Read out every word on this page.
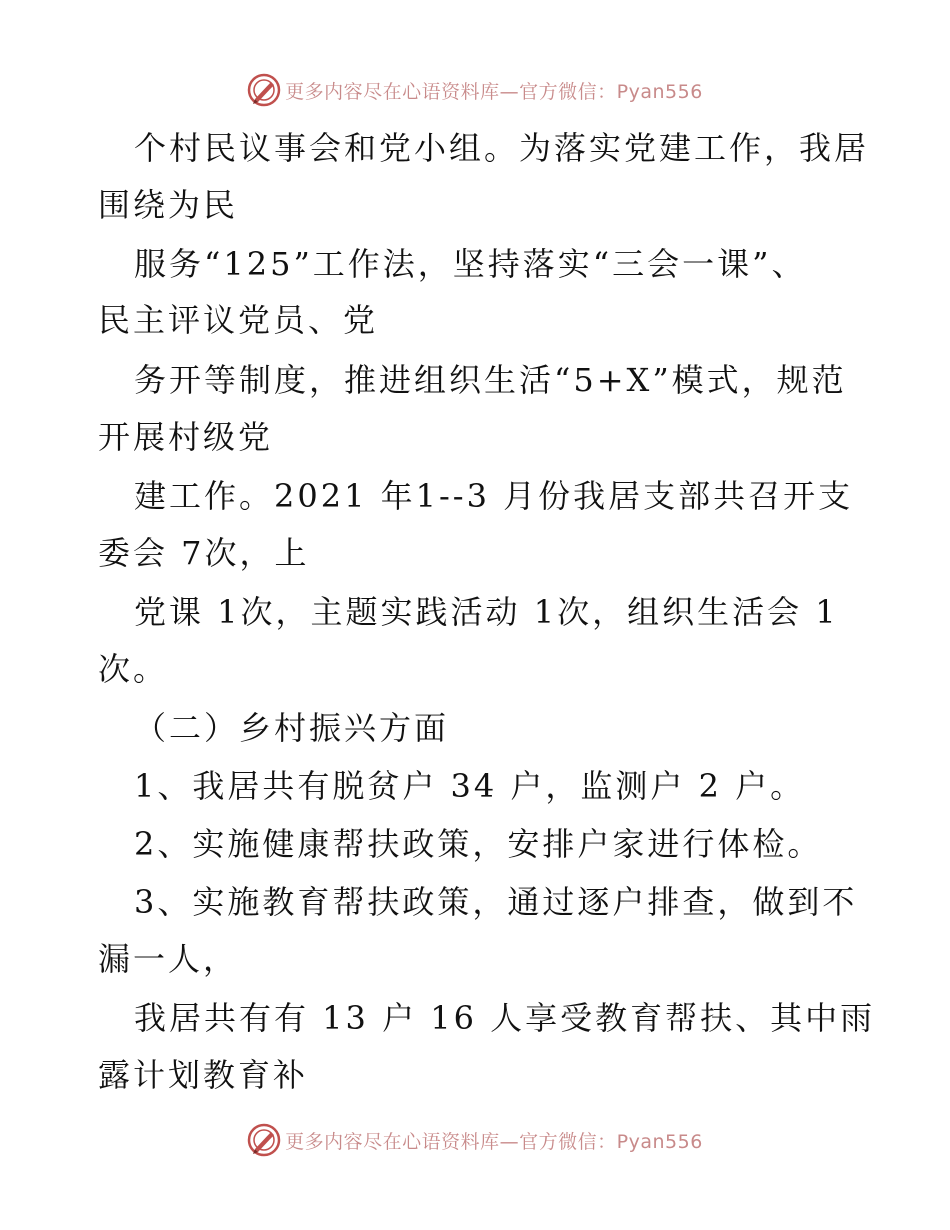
更多内容尽在心语资料库—官方微信：Pyan556
个村民议事会和党小组。为落实党建工作，我居
围绕为民
服务“125”工作法，坚持落实“三会一课”、
民主评议党员、党
务开等制度，推进组织生活“5+X”模式，规范
开展村级党
建工作。2021 年1--3 月份我居支部共召开支
委会 7次，上
党课 1次，主题实践活动 1次，组织生活会 1
次。
（二）乡村振兴方面
1、我居共有脱贫户 34 户，监测户 2 户。
2、实施健康帮扶政策，安排户家进行体检。
3、实施教育帮扶政策，通过逐户排查，做到不
漏一人，
我居共有有 13 户 16 人享受教育帮扶、其中雨
露计划教育补
更多内容尽在心语资料库—官方微信：Pyan556
